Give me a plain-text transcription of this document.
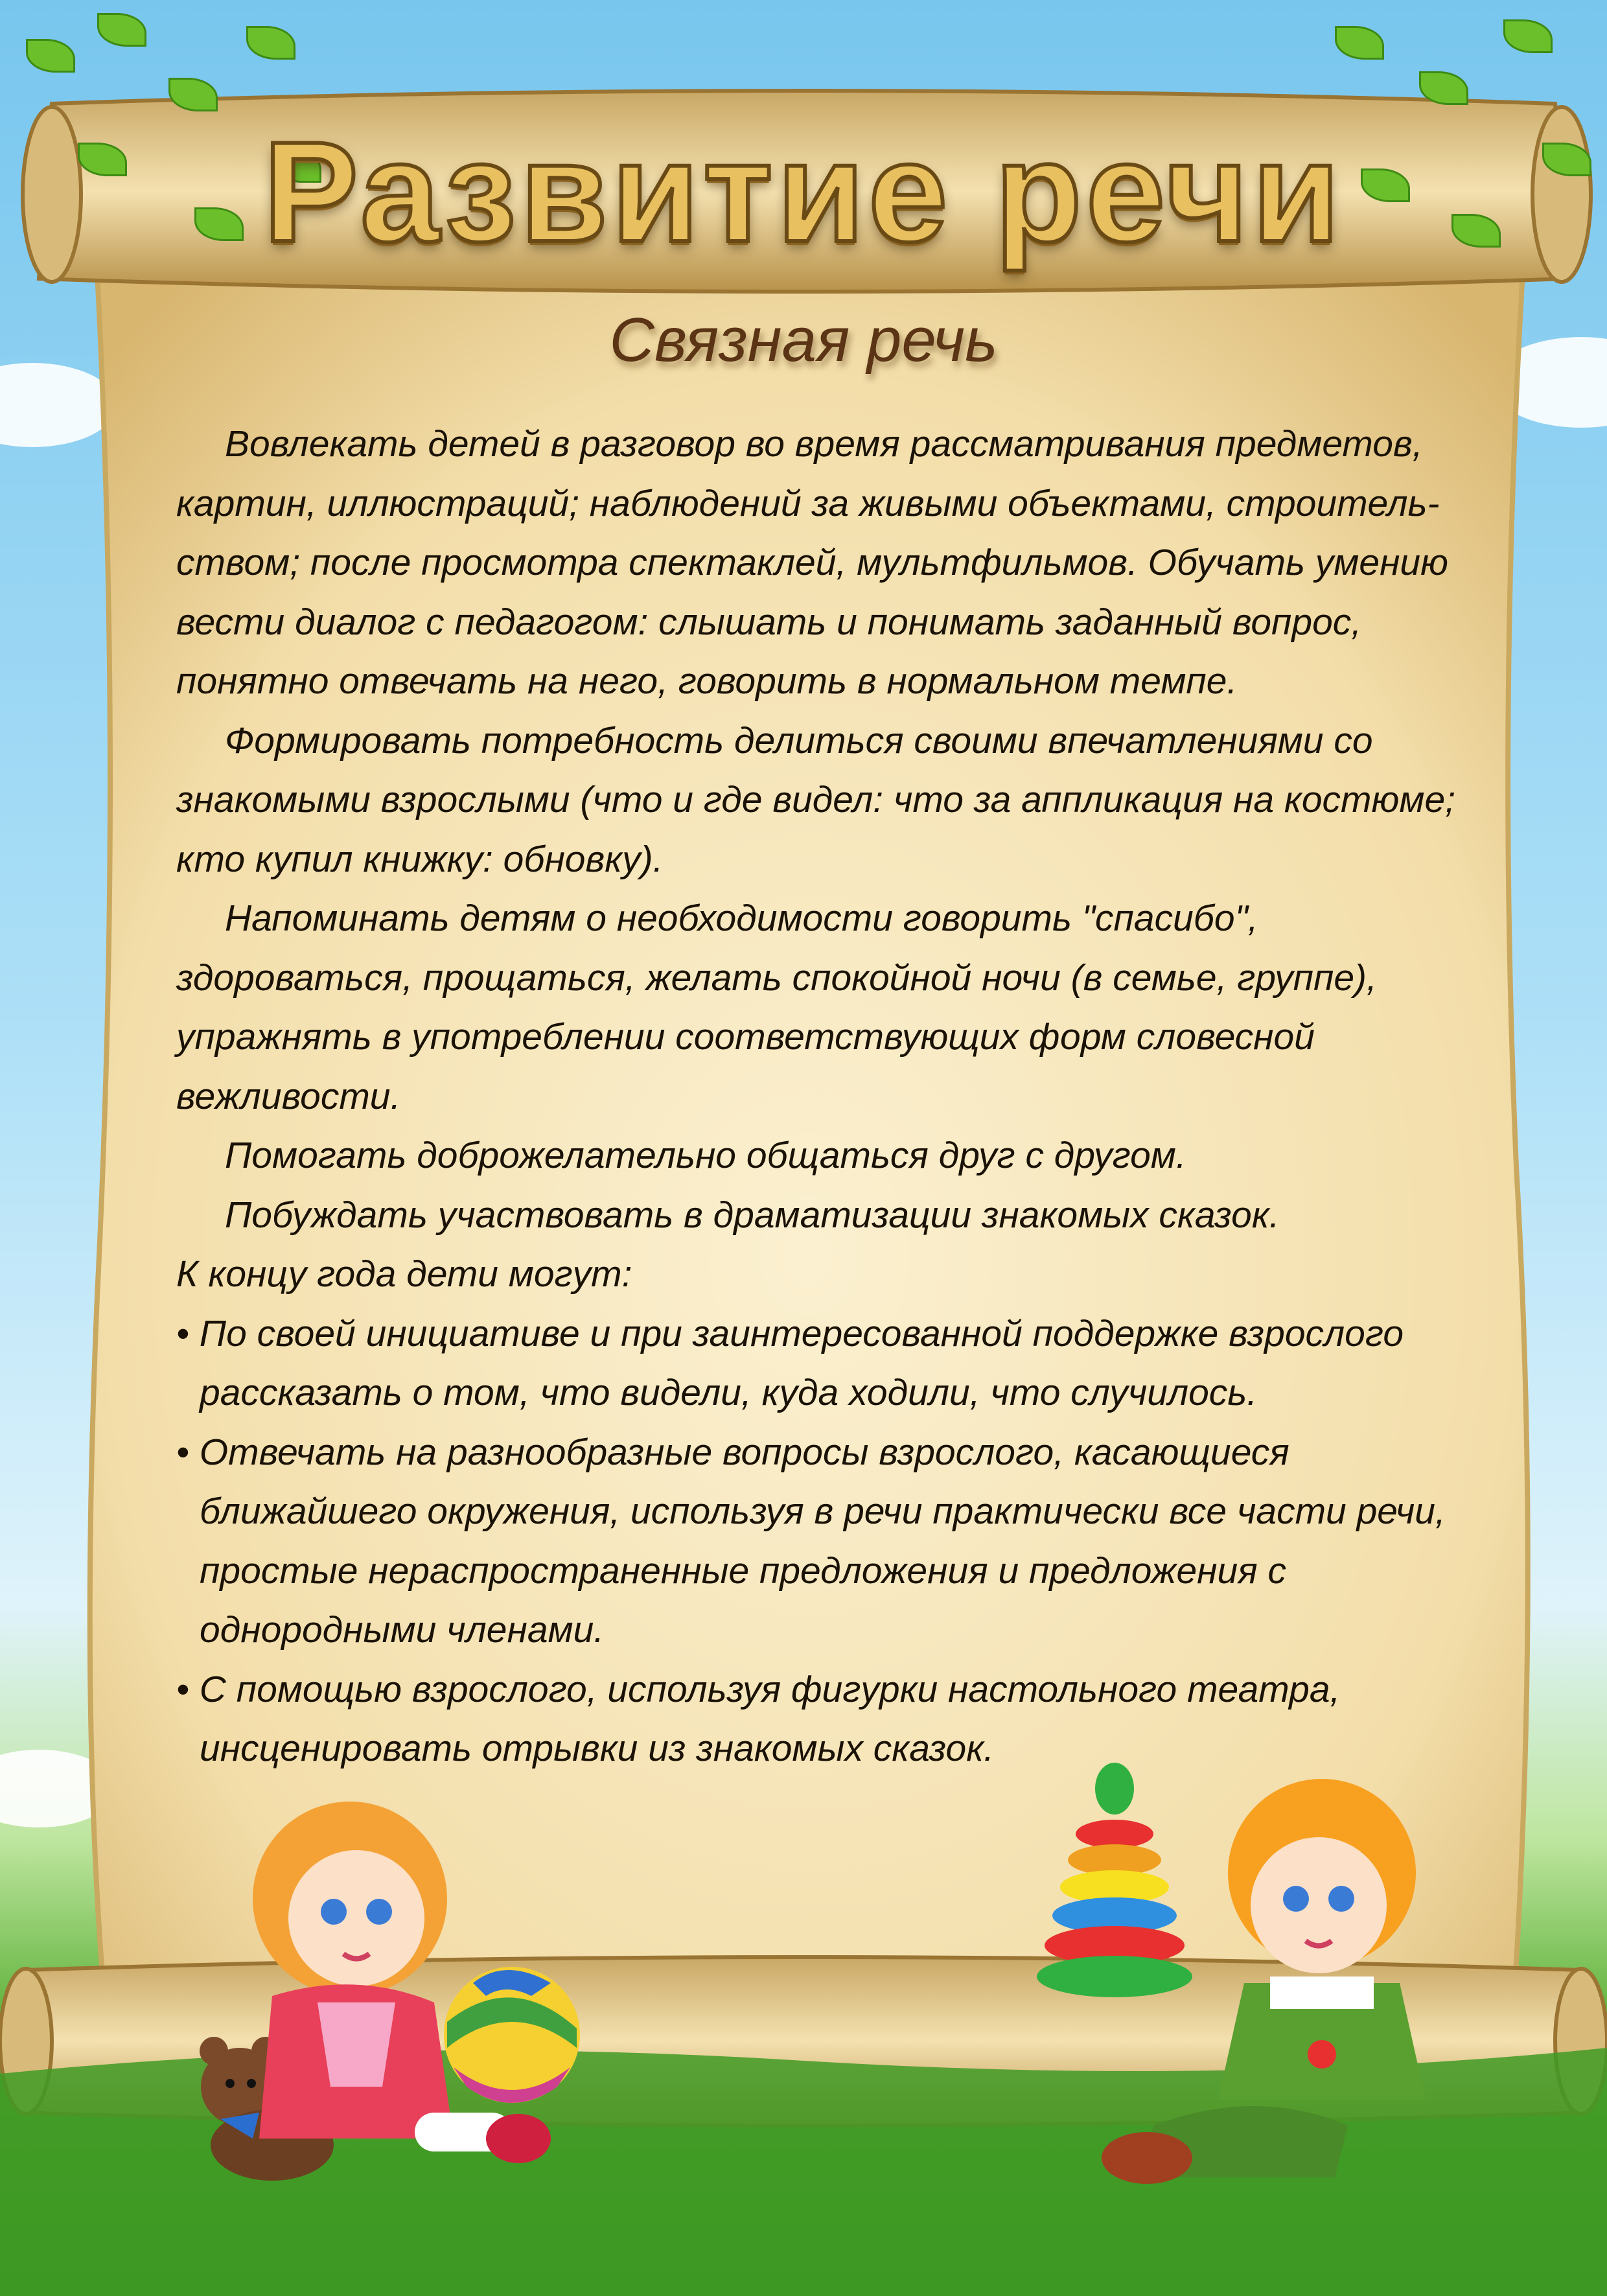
Развитие речи
Связная речь

Вовлекать детей в разговор во время рассматривания предметов, картин, иллюстраций; наблюдений за живыми объектами, строитель- ством; после просмотра спектаклей, мультфильмов. Обучать умению вести диалог с педагогом: слышать и понимать заданный вопрос, понятно отвечать на него, говорить в нормальном темпе.

Формировать потребность делиться своими впечатлениями со знакомыми взрослыми (что и где видел: что за аппликация на костюме; кто купил книжку: обновку).

Напоминать детям о необходимости говорить "спасибо", здороваться, прощаться, желать спокойной ночи (в семье, группе), упражнять в употреблении соответствующих форм словесной вежливости.

Помогать доброжелательно общаться друг с другом.

Побуждать участвовать в драматизации знакомых сказок.

К концу года дети могут:

• По своей инициативе и при заинтересованной поддержке взрослого рассказать о том, что видели, куда ходили, что случилось.

• Отвечать на разнообразные вопросы взрослого, касающиеся ближайшего окружения, используя в речи практически все части речи, простые нераспространенные предложения и предложения с однородными членами.

• С помощью взрослого, используя фигурки настольного театра, инсценировать отрывки из знакомых сказок.
